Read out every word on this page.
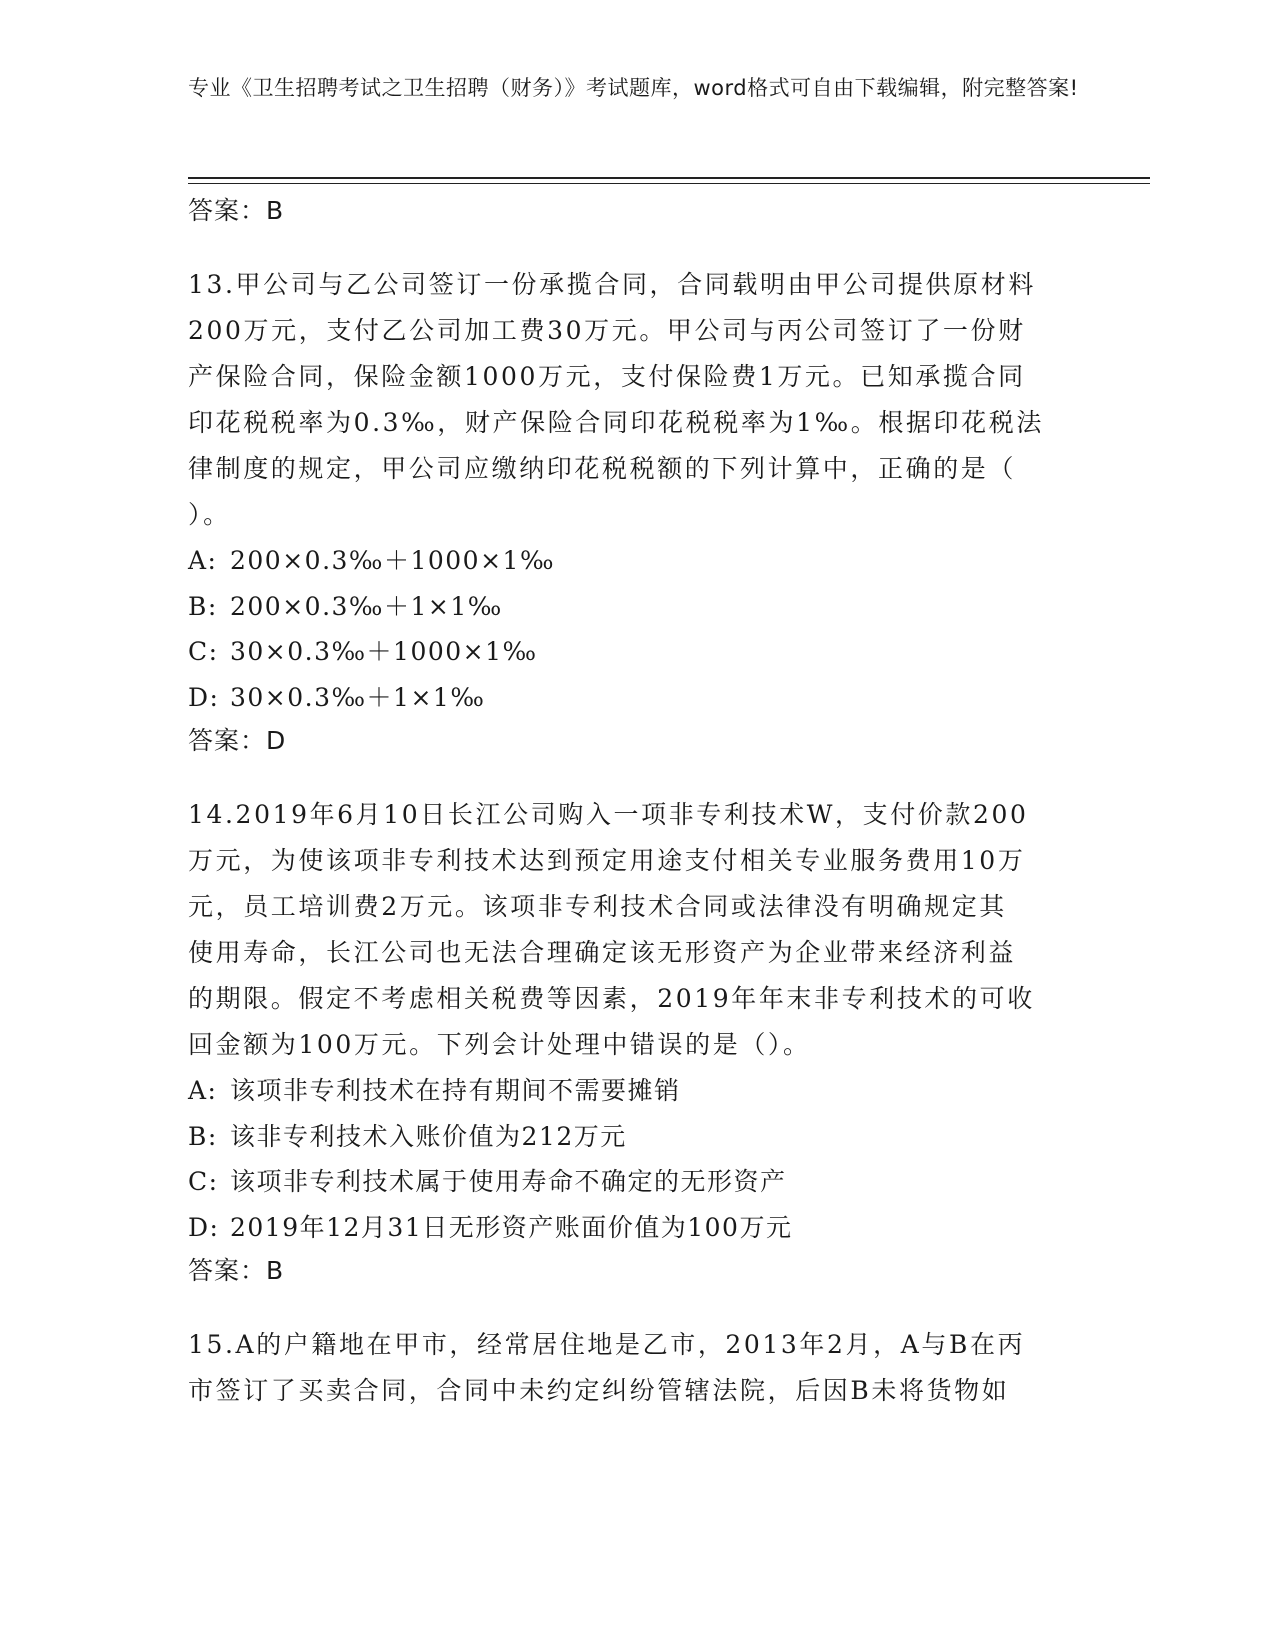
专业《卫生招聘考试之卫生招聘（财务）》考试题库，word格式可自由下载编辑，附完整答案!

答案：B

13.甲公司与乙公司签订一份承揽合同，合同载明由甲公司提供原材料

200万元，支付乙公司加工费30万元。甲公司与丙公司签订了一份财

产保险合同，保险金额1000万元，支付保险费1万元。已知承揽合同

印花税税率为0.3‰，财产保险合同印花税税率为1‰。根据印花税法

律制度的规定，甲公司应缴纳印花税税额的下列计算中，正确的是（

）。

A: 200×0.3‰＋1000×1‰

B: 200×0.3‰＋1×1‰

C: 30×0.3‰＋1000×1‰

D: 30×0.3‰＋1×1‰

答案：D

14.2019年6月10日长江公司购入一项非专利技术W，支付价款200

万元，为使该项非专利技术达到预定用途支付相关专业服务费用10万

元，员工培训费2万元。该项非专利技术合同或法律没有明确规定其

使用寿命，长江公司也无法合理确定该无形资产为企业带来经济利益

的期限。假定不考虑相关税费等因素，2019年年末非专利技术的可收

回金额为100万元。下列会计处理中错误的是（）。

A: 该项非专利技术在持有期间不需要摊销

B: 该非专利技术入账价值为212万元

C: 该项非专利技术属于使用寿命不确定的无形资产

D: 2019年12月31日无形资产账面价值为100万元

答案：B

15.A的户籍地在甲市，经常居住地是乙市，2013年2月，A与B在丙

市签订了买卖合同，合同中未约定纠纷管辖法院，后因B未将货物如
